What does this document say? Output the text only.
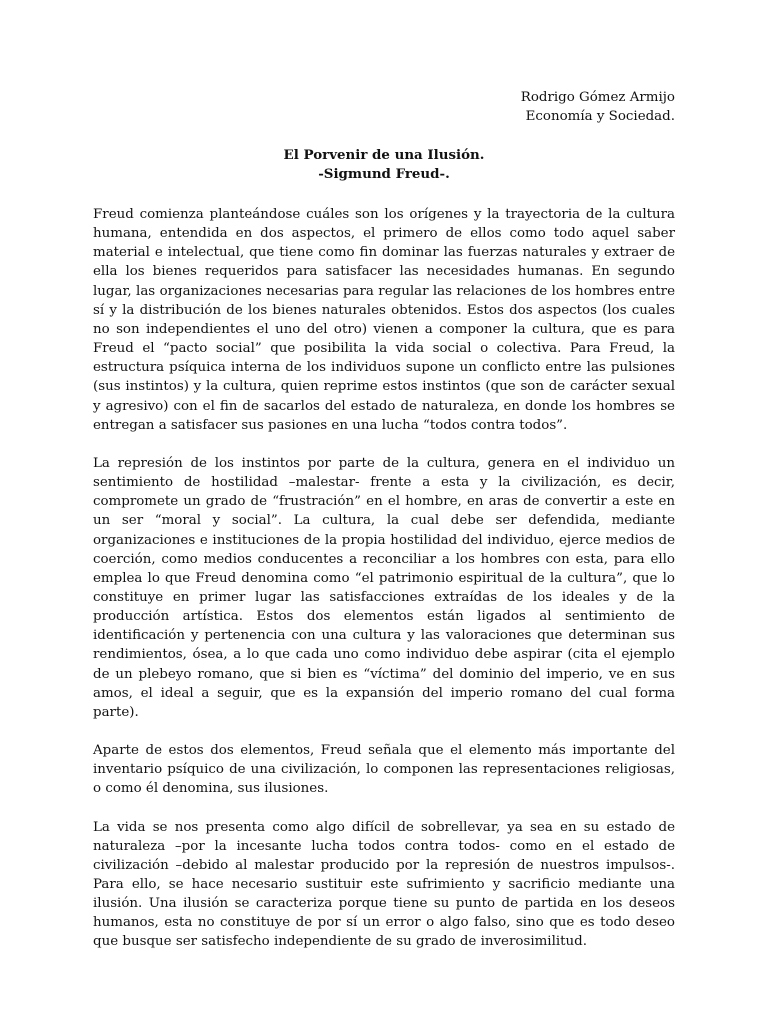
Rodrigo Gómez Armijo
Economía y Sociedad.
El Porvenir de una Ilusión.
-Sigmund Freud-.

Freud comienza planteándose cuáles son los orígenes y la trayectoria de la cultura humana, entendida en dos aspectos, el primero de ellos como todo aquel saber material e intelectual, que tiene como fin dominar las fuerzas naturales y extraer de ella los bienes requeridos para satisfacer las necesidades humanas. En segundo lugar, las organizaciones necesarias para regular las relaciones de los hombres entre sí y la distribución de los bienes naturales obtenidos. Estos dos aspectos (los cuales no son independientes el uno del otro) vienen a componer la cultura, que es para Freud el “pacto social” que posibilita la vida social o colectiva. Para Freud, la estructura psíquica interna de los individuos supone un conflicto entre las pulsiones (sus instintos) y la cultura, quien reprime estos instintos (que son de carácter sexual y agresivo) con el fin de sacarlos del estado de naturaleza, en donde los hombres se entregan a satisfacer sus pasiones en una lucha “todos contra todos”.

La represión de los instintos por parte de la cultura, genera en el individuo un sentimiento de hostilidad –malestar- frente a esta y la civilización, es decir, compromete un grado de “frustración” en el hombre, en aras de convertir a este en un ser “moral y social”. La cultura, la cual debe ser defendida, mediante organizaciones e instituciones de la propia hostilidad del individuo, ejerce medios de coerción, como medios conducentes a reconciliar a los hombres con esta, para ello emplea lo que Freud denomina como “el patrimonio espiritual de la cultura”, que lo constituye en primer lugar las satisfacciones extraídas de los ideales y de la producción artística. Estos dos elementos están ligados al sentimiento de identificación y pertenencia con una cultura y las valoraciones que determinan sus rendimientos, ósea, a lo que cada uno como individuo debe aspirar (cita el ejemplo de un plebeyo romano, que si bien es “víctima” del dominio del imperio, ve en sus amos, el ideal a seguir, que es la expansión del imperio romano del cual forma parte).

Aparte de estos dos elementos, Freud señala que el elemento más importante del inventario psíquico de una civilización, lo componen las representaciones religiosas, o como él denomina, sus ilusiones.

La vida se nos presenta como algo difícil de sobrellevar, ya sea en su estado de naturaleza –por la incesante lucha todos contra todos- como en el estado de civilización –debido al malestar producido por la represión de nuestros impulsos-. Para ello, se hace necesario sustituir este sufrimiento y sacrificio mediante una ilusión. Una ilusión se caracteriza porque tiene su punto de partida en los deseos humanos, esta no constituye de por sí un error o algo falso, sino que es todo deseo que busque ser satisfecho independiente de su grado de inverosimilitud.
